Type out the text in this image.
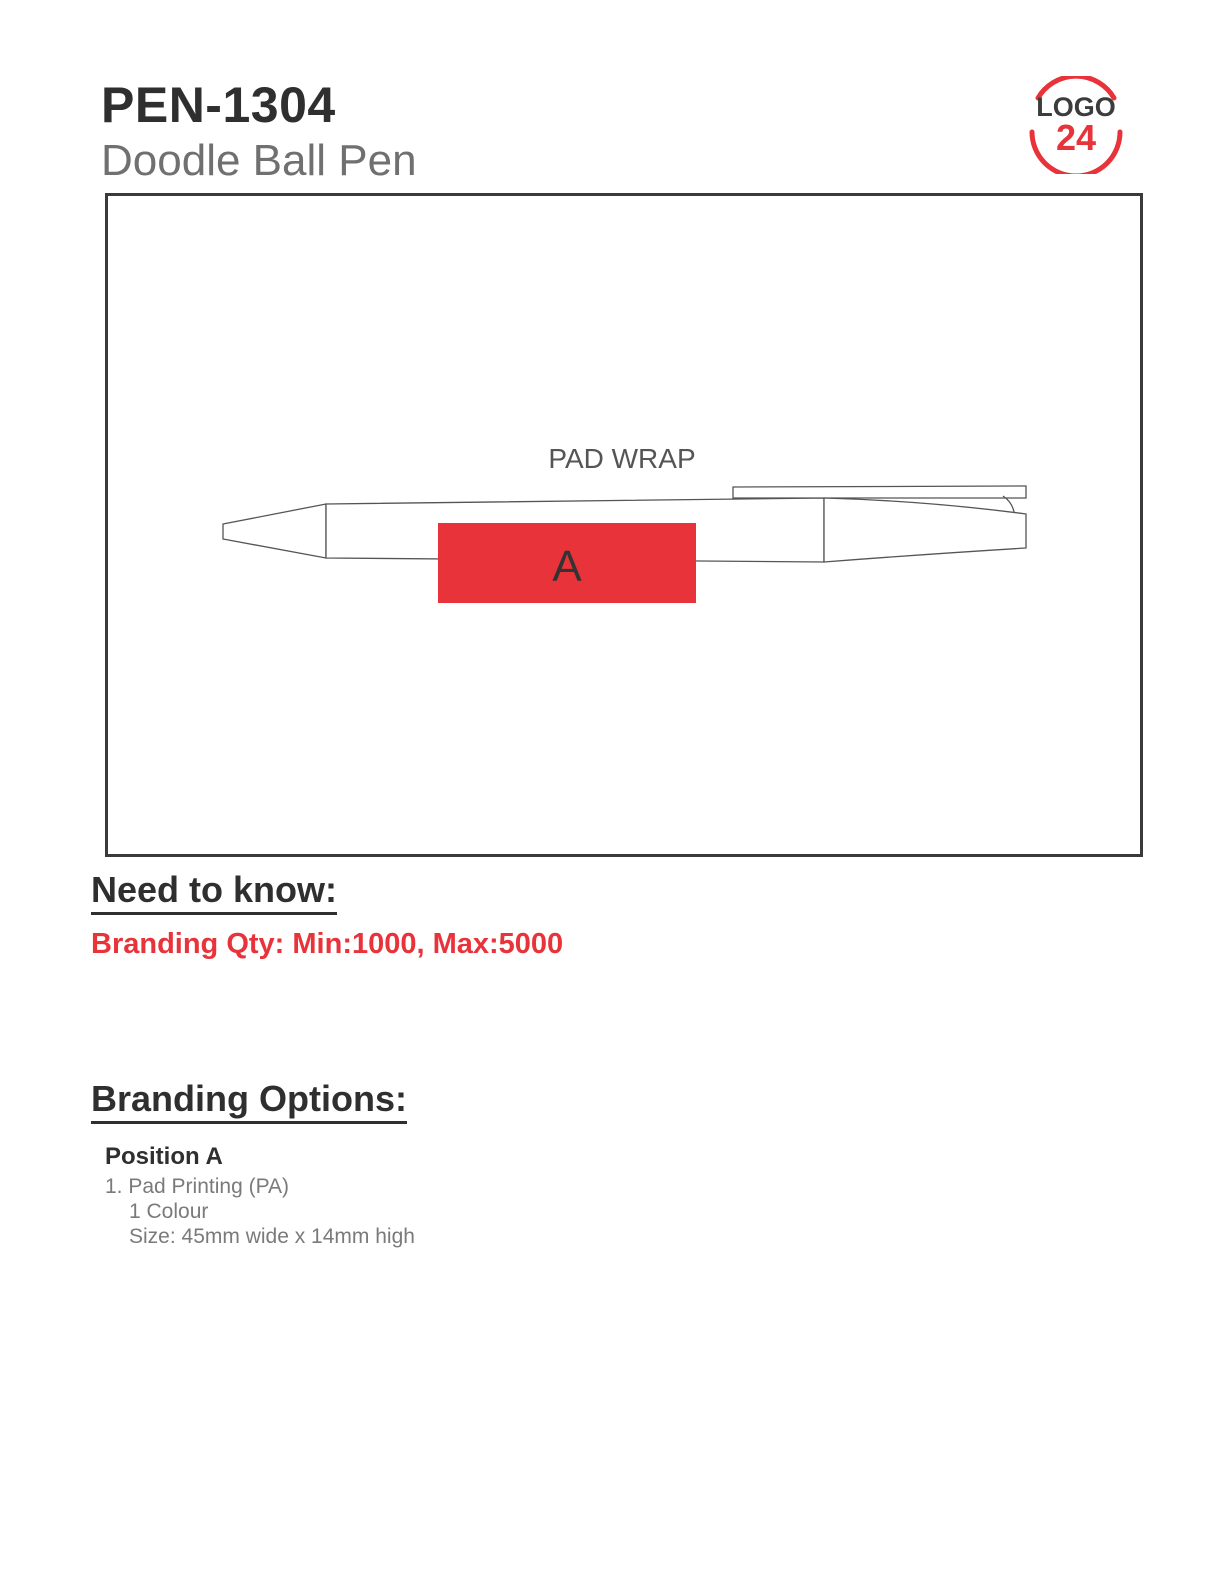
PEN-1304
Doodle Ball Pen
LOGO
24
PAD WRAP
A
Need to know:
Branding Qty: Min:1000, Max:5000
Branding Options:
Position A
1. Pad Printing (PA)
1 Colour
Size: 45mm wide x 14mm high
